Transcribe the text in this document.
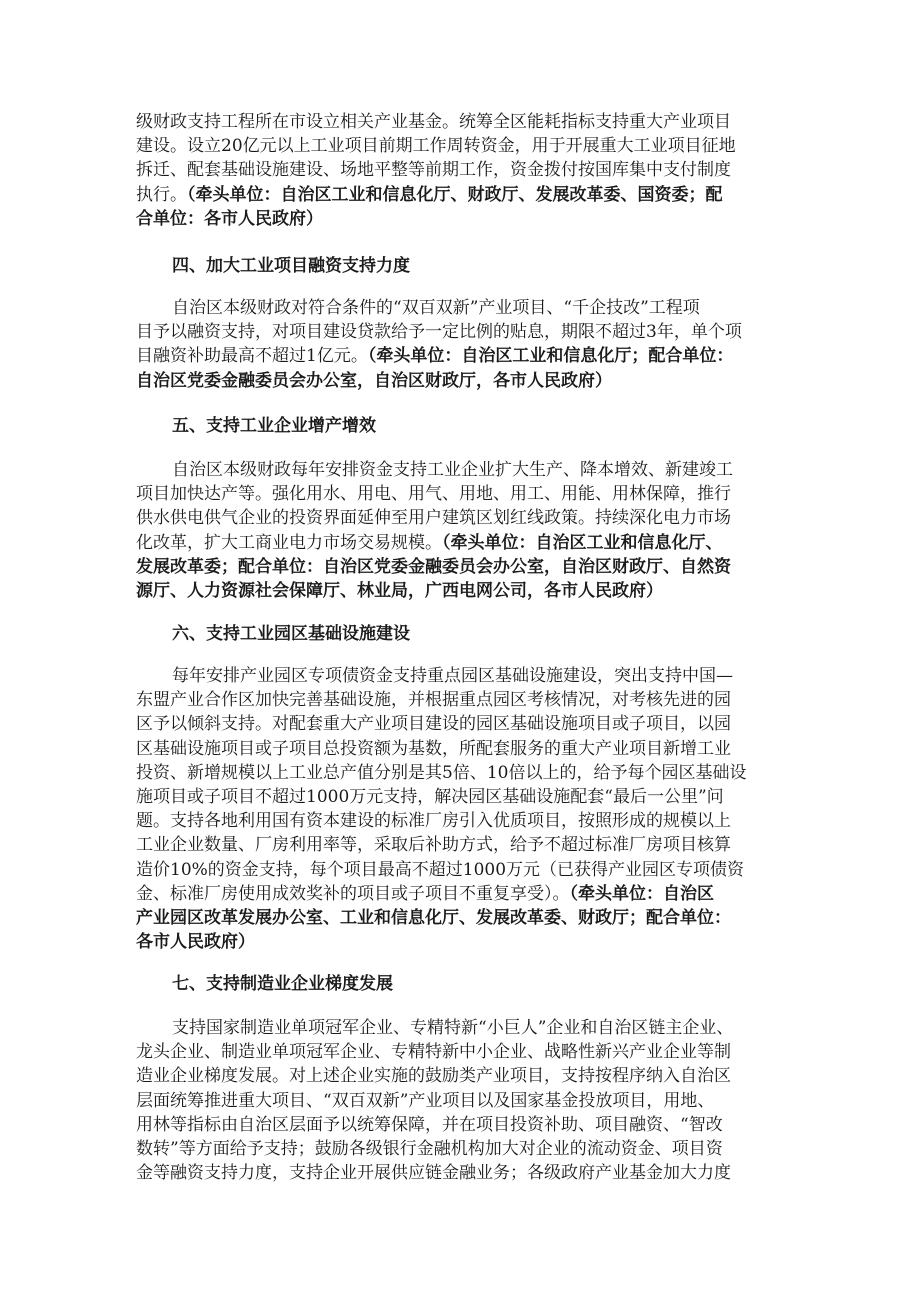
级财政支持工程所在市设立相关产业基金。统筹全区能耗指标支持重大产业项目
建设。设立20亿元以上工业项目前期工作周转资金，用于开展重大工业项目征地
拆迁、配套基础设施建设、场地平整等前期工作，资金拨付按国库集中支付制度
执行。（牵头单位：自治区工业和信息化厅、财政厅、发展改革委、国资委；配
合单位：各市人民政府）
四、加大工业项目融资支持力度
自治区本级财政对符合条件的“双百双新”产业项目、“千企技改”工程项
目予以融资支持，对项目建设贷款给予一定比例的贴息，期限不超过3年，单个项
目融资补助最高不超过1亿元。（牵头单位：自治区工业和信息化厅；配合单位：
自治区党委金融委员会办公室，自治区财政厅，各市人民政府）
五、支持工业企业增产增效
自治区本级财政每年安排资金支持工业企业扩大生产、降本增效、新建竣工
项目加快达产等。强化用水、用电、用气、用地、用工、用能、用林保障，推行
供水供电供气企业的投资界面延伸至用户建筑区划红线政策。持续深化电力市场
化改革，扩大工商业电力市场交易规模。（牵头单位：自治区工业和信息化厅、
发展改革委；配合单位：自治区党委金融委员会办公室，自治区财政厅、自然资
源厅、人力资源社会保障厅、林业局，广西电网公司，各市人民政府）
六、支持工业园区基础设施建设
每年安排产业园区专项债资金支持重点园区基础设施建设，突出支持中国—
东盟产业合作区加快完善基础设施，并根据重点园区考核情况，对考核先进的园
区予以倾斜支持。对配套重大产业项目建设的园区基础设施项目或子项目，以园
区基础设施项目或子项目总投资额为基数，所配套服务的重大产业项目新增工业
投资、新增规模以上工业总产值分别是其5倍、10倍以上的，给予每个园区基础设
施项目或子项目不超过1000万元支持，解决园区基础设施配套“最后一公里”问
题。支持各地利用国有资本建设的标准厂房引入优质项目，按照形成的规模以上
工业企业数量、厂房利用率等，采取后补助方式，给予不超过标准厂房项目核算
造价10%的资金支持，每个项目最高不超过1000万元（已获得产业园区专项债资
金、标准厂房使用成效奖补的项目或子项目不重复享受）。（牵头单位：自治区
产业园区改革发展办公室、工业和信息化厅、发展改革委、财政厅；配合单位：
各市人民政府）
七、支持制造业企业梯度发展
支持国家制造业单项冠军企业、专精特新“小巨人”企业和自治区链主企业、
龙头企业、制造业单项冠军企业、专精特新中小企业、战略性新兴产业企业等制
造业企业梯度发展。对上述企业实施的鼓励类产业项目，支持按程序纳入自治区
层面统筹推进重大项目、“双百双新”产业项目以及国家基金投放项目，用地、
用林等指标由自治区层面予以统筹保障，并在项目投资补助、项目融资、“智改
数转”等方面给予支持；鼓励各级银行金融机构加大对企业的流动资金、项目资
金等融资支持力度，支持企业开展供应链金融业务；各级政府产业基金加大力度
